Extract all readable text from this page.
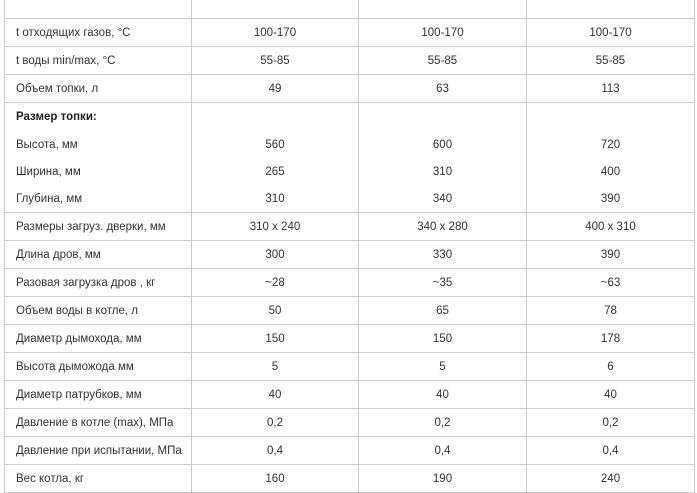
t отходящих газов, °С	100-170	100-170	100-170
t воды min/max, °С	55-85	55-85	55-85
Объем топки, л	49	63	113
Размер топки:			
Высота, мм	560	600	720
Ширина, мм	265	310	400
Глубина, мм	310	340	390
Размеры загруз. дверки, мм	310 х 240	340 х 280	400 х 310
Длина дров, мм	300	330	390
Разовая загрузка дров , кг	~28	~35	~63
Объем воды в котле, л	50	65	78
Диаметр дымохода, мм	150	150	178
Высота дыможода мм	5	5	6
Диаметр патрубков, мм	40	40	40
Давление в котле (max), МПа	0,2	0,2	0,2
Давление при испытании, МПа	0,4	0,4	0,4
Вес котла, кг	160	190	240
